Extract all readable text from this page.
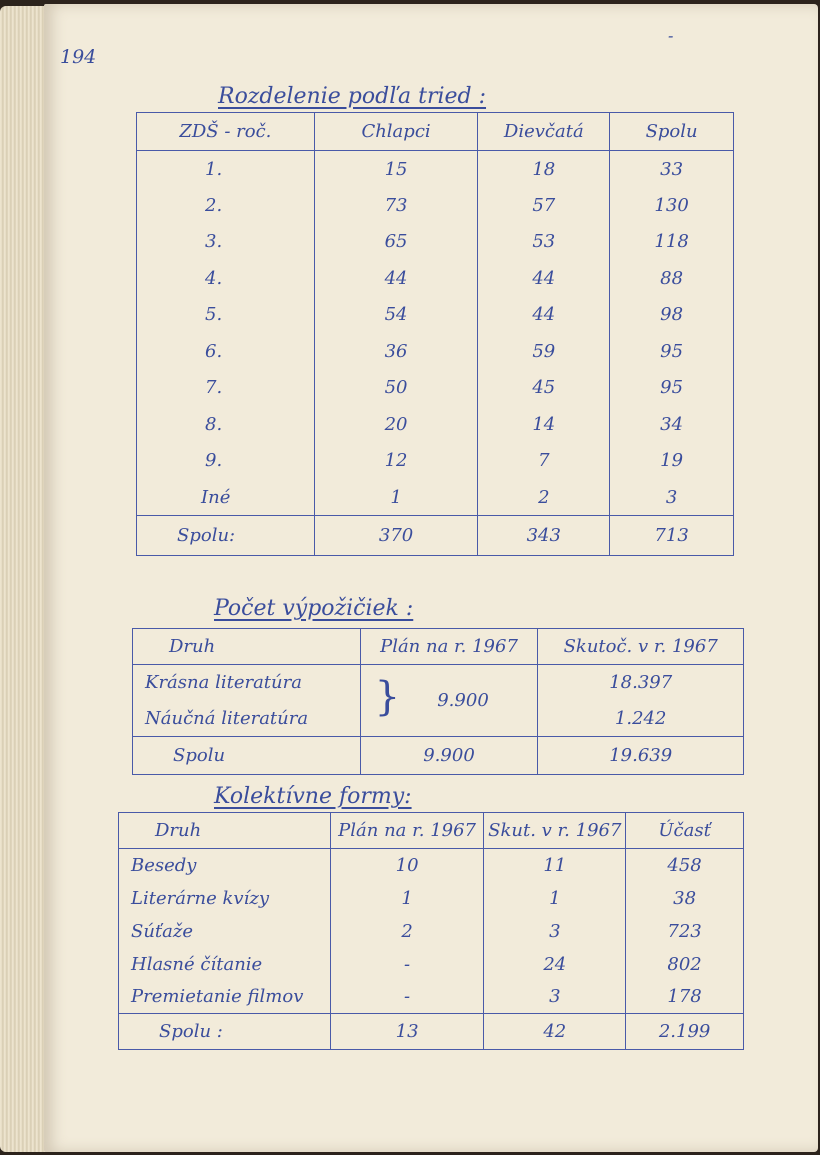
194
-
Rozdelenie podľa tried :
ZDŠ - roč.	Chlapci	Dievčatá	Spolu
1.	15	18	33
2.	73	57	130
3.	65	53	118
4.	44	44	88
5.	54	44	98
6.	36	59	95
7.	50	45	95
8.	20	14	34
9.	12	7	19
Iné	1	2	3
Spolu:	370	343	713
Počet výpožičiek :
Druh	Plán na r. 1967	Skutoč. v r. 1967
Krásna literatúra	} 9.900	18.397
Náučná literatúra		1.242
Spolu	9.900	19.639
Kolektívne formy:
Druh	Plán na r. 1967	Skut. v r. 1967	Účasť
Besedy	10	11	458
Literárne kvízy	1	1	38
Súťaže	2	3	723
Hlasné čítanie	-	24	802
Premietanie filmov	-	3	178
Spolu :	13	42	2.199
